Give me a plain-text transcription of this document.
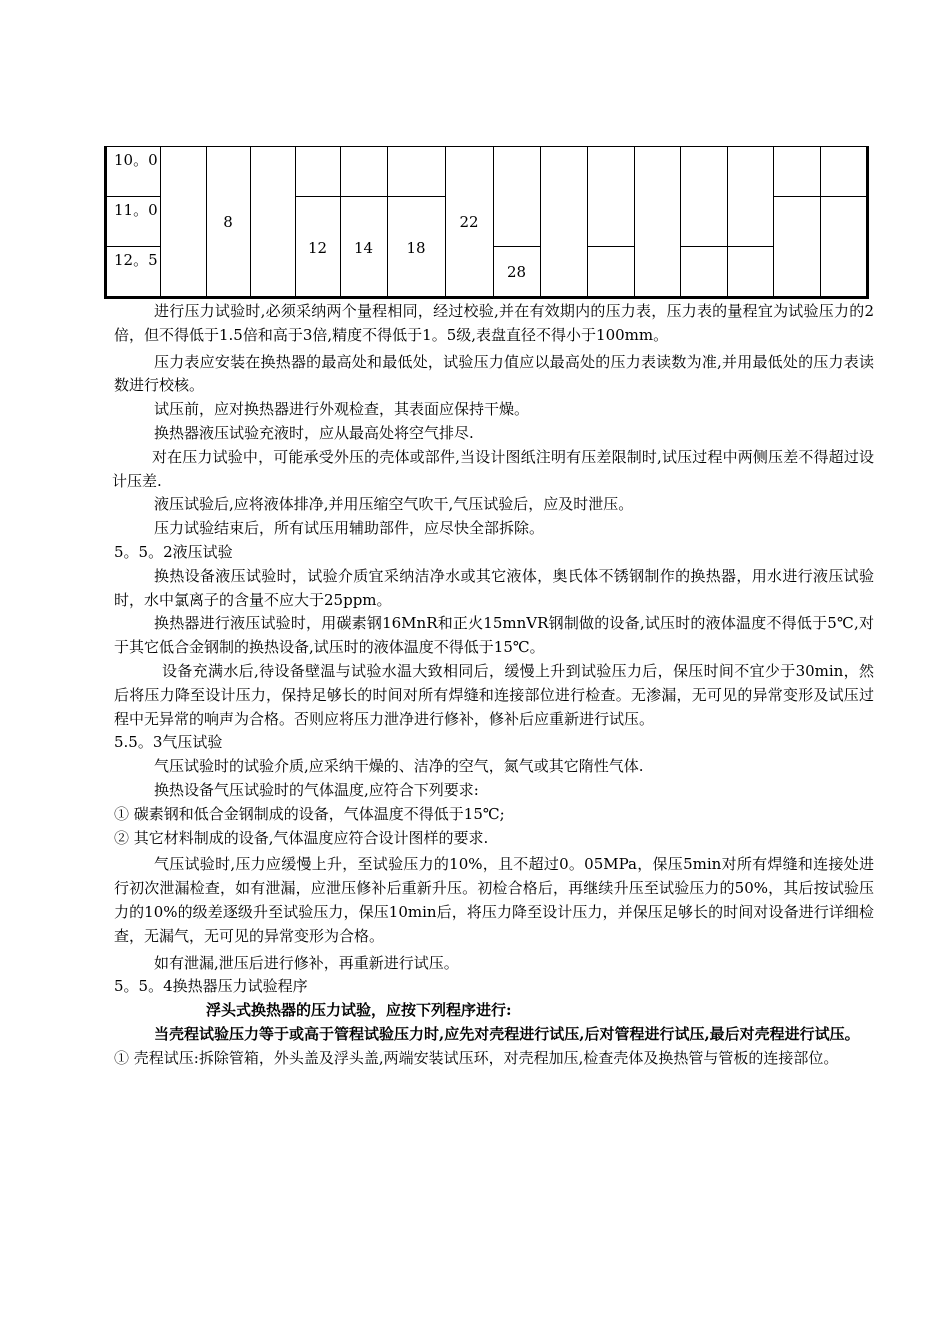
10。0
11。0
12。5
8
12	14	18
22
28

进行压力试验时,必须采纳两个量程相同，经过校验,并在有效期内的压力表，压力表的量程宜为试验压力的2倍，但不得低于1.5倍和高于3倍,精度不得低于1。5级,表盘直径不得小于100mm。

压力表应安装在换热器的最高处和最低处，试验压力值应以最高处的压力表读数为准,并用最低处的压力表读数进行校核。

试压前，应对换热器进行外观检查，其表面应保持干燥。

换热器液压试验充液时，应从最高处将空气排尽.

对在压力试验中，可能承受外压的壳体或部件,当设计图纸注明有压差限制时,试压过程中两侧压差不得超过设计压差.

液压试验后,应将液体排净,并用压缩空气吹干,气压试验后，应及时泄压。

压力试验结束后，所有试压用辅助部件，应尽快全部拆除。

5。5。2液压试验

换热设备液压试验时，试验介质宜采纳洁净水或其它液体，奥氏体不锈钢制作的换热器，用水进行液压试验时，水中氯离子的含量不应大于25ppm。

换热器进行液压试验时，用碳素钢16MnR和正火15mnVR钢制做的设备,试压时的液体温度不得低于5℃,对于其它低合金钢制的换热设备,试压时的液体温度不得低于15℃。

设备充满水后,待设备壁温与试验水温大致相同后，缓慢上升到试验压力后，保压时间不宜少于30min，然后将压力降至设计压力，保持足够长的时间对所有焊缝和连接部位进行检查。无渗漏，无可见的异常变形及试压过程中无异常的响声为合格。否则应将压力泄净进行修补，修补后应重新进行试压。

5.5。3气压试验

气压试验时的试验介质,应采纳干燥的、洁净的空气，氮气或其它隋性气体.

换热设备气压试验时的气体温度,应符合下列要求:

① 碳素钢和低合金钢制成的设备，气体温度不得低于15℃;

② 其它材料制成的设备,气体温度应符合设计图样的要求.

气压试验时,压力应缓慢上升，至试验压力的10%，且不超过0。05MPa，保压5min对所有焊缝和连接处进行初次泄漏检查，如有泄漏，应泄压修补后重新升压。初检合格后，再继续升压至试验压力的50%，其后按试验压力的10%的级差逐级升至试验压力，保压10min后，将压力降至设计压力，并保压足够长的时间对设备进行详细检查，无漏气，无可见的异常变形为合格。

如有泄漏,泄压后进行修补，再重新进行试压。

5。5。4换热器压力试验程序

浮头式换热器的压力试验，应按下列程序进行:

当壳程试验压力等于或高于管程试验压力时,应先对壳程进行试压,后对管程进行试压,最后对壳程进行试压。

① 壳程试压:拆除管箱，外头盖及浮头盖,两端安装试压环，对壳程加压,检查壳体及换热管与管板的连接部位。
